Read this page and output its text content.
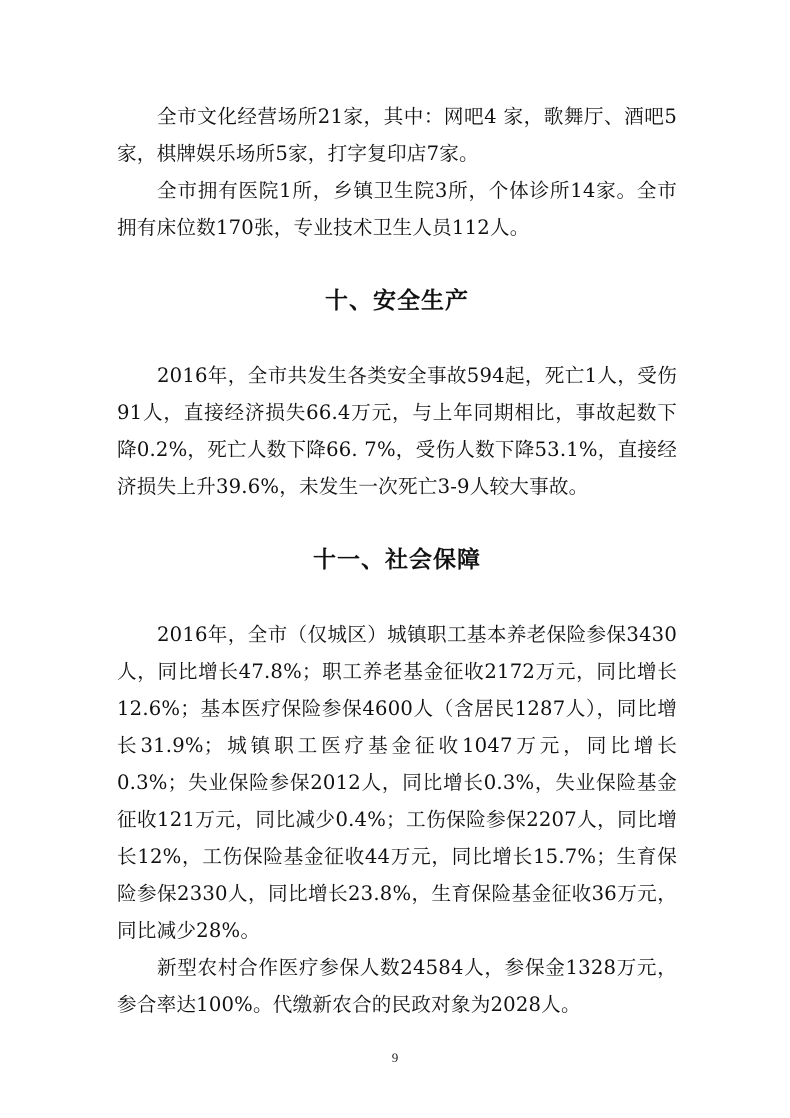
全市文化经营场所21家，其中：网吧4 家，歌舞厅、酒吧5家，棋牌娱乐场所5家，打字复印店7家。

全市拥有医院1所，乡镇卫生院3所，个体诊所14家。全市拥有床位数170张，专业技术卫生人员112人。

十、安全生产

2016年，全市共发生各类安全事故594起，死亡1人，受伤91人，直接经济损失66.4万元，与上年同期相比，事故起数下降0.2%，死亡人数下降66. 7%，受伤人数下降53.1%，直接经济损失上升39.6%，未发生一次死亡3-9人较大事故。

十一、社会保障

2016年，全市（仅城区）城镇职工基本养老保险参保3430人，同比增长47.8%；职工养老基金征收2172万元，同比增长12.6%；基本医疗保险参保4600人（含居民1287人），同比增长31.9%；城镇职工医疗基金征收1047万元，同比增长0.3%；失业保险参保2012人，同比增长0.3%，失业保险基金征收121万元，同比减少0.4%；工伤保险参保2207人，同比增长12%，工伤保险基金征收44万元，同比增长15.7%；生育保险参保2330人，同比增长23.8%，生育保险基金征收36万元，同比减少28%。

新型农村合作医疗参保人数24584人，参保金1328万元，参合率达100%。代缴新农合的民政对象为2028人。

9
